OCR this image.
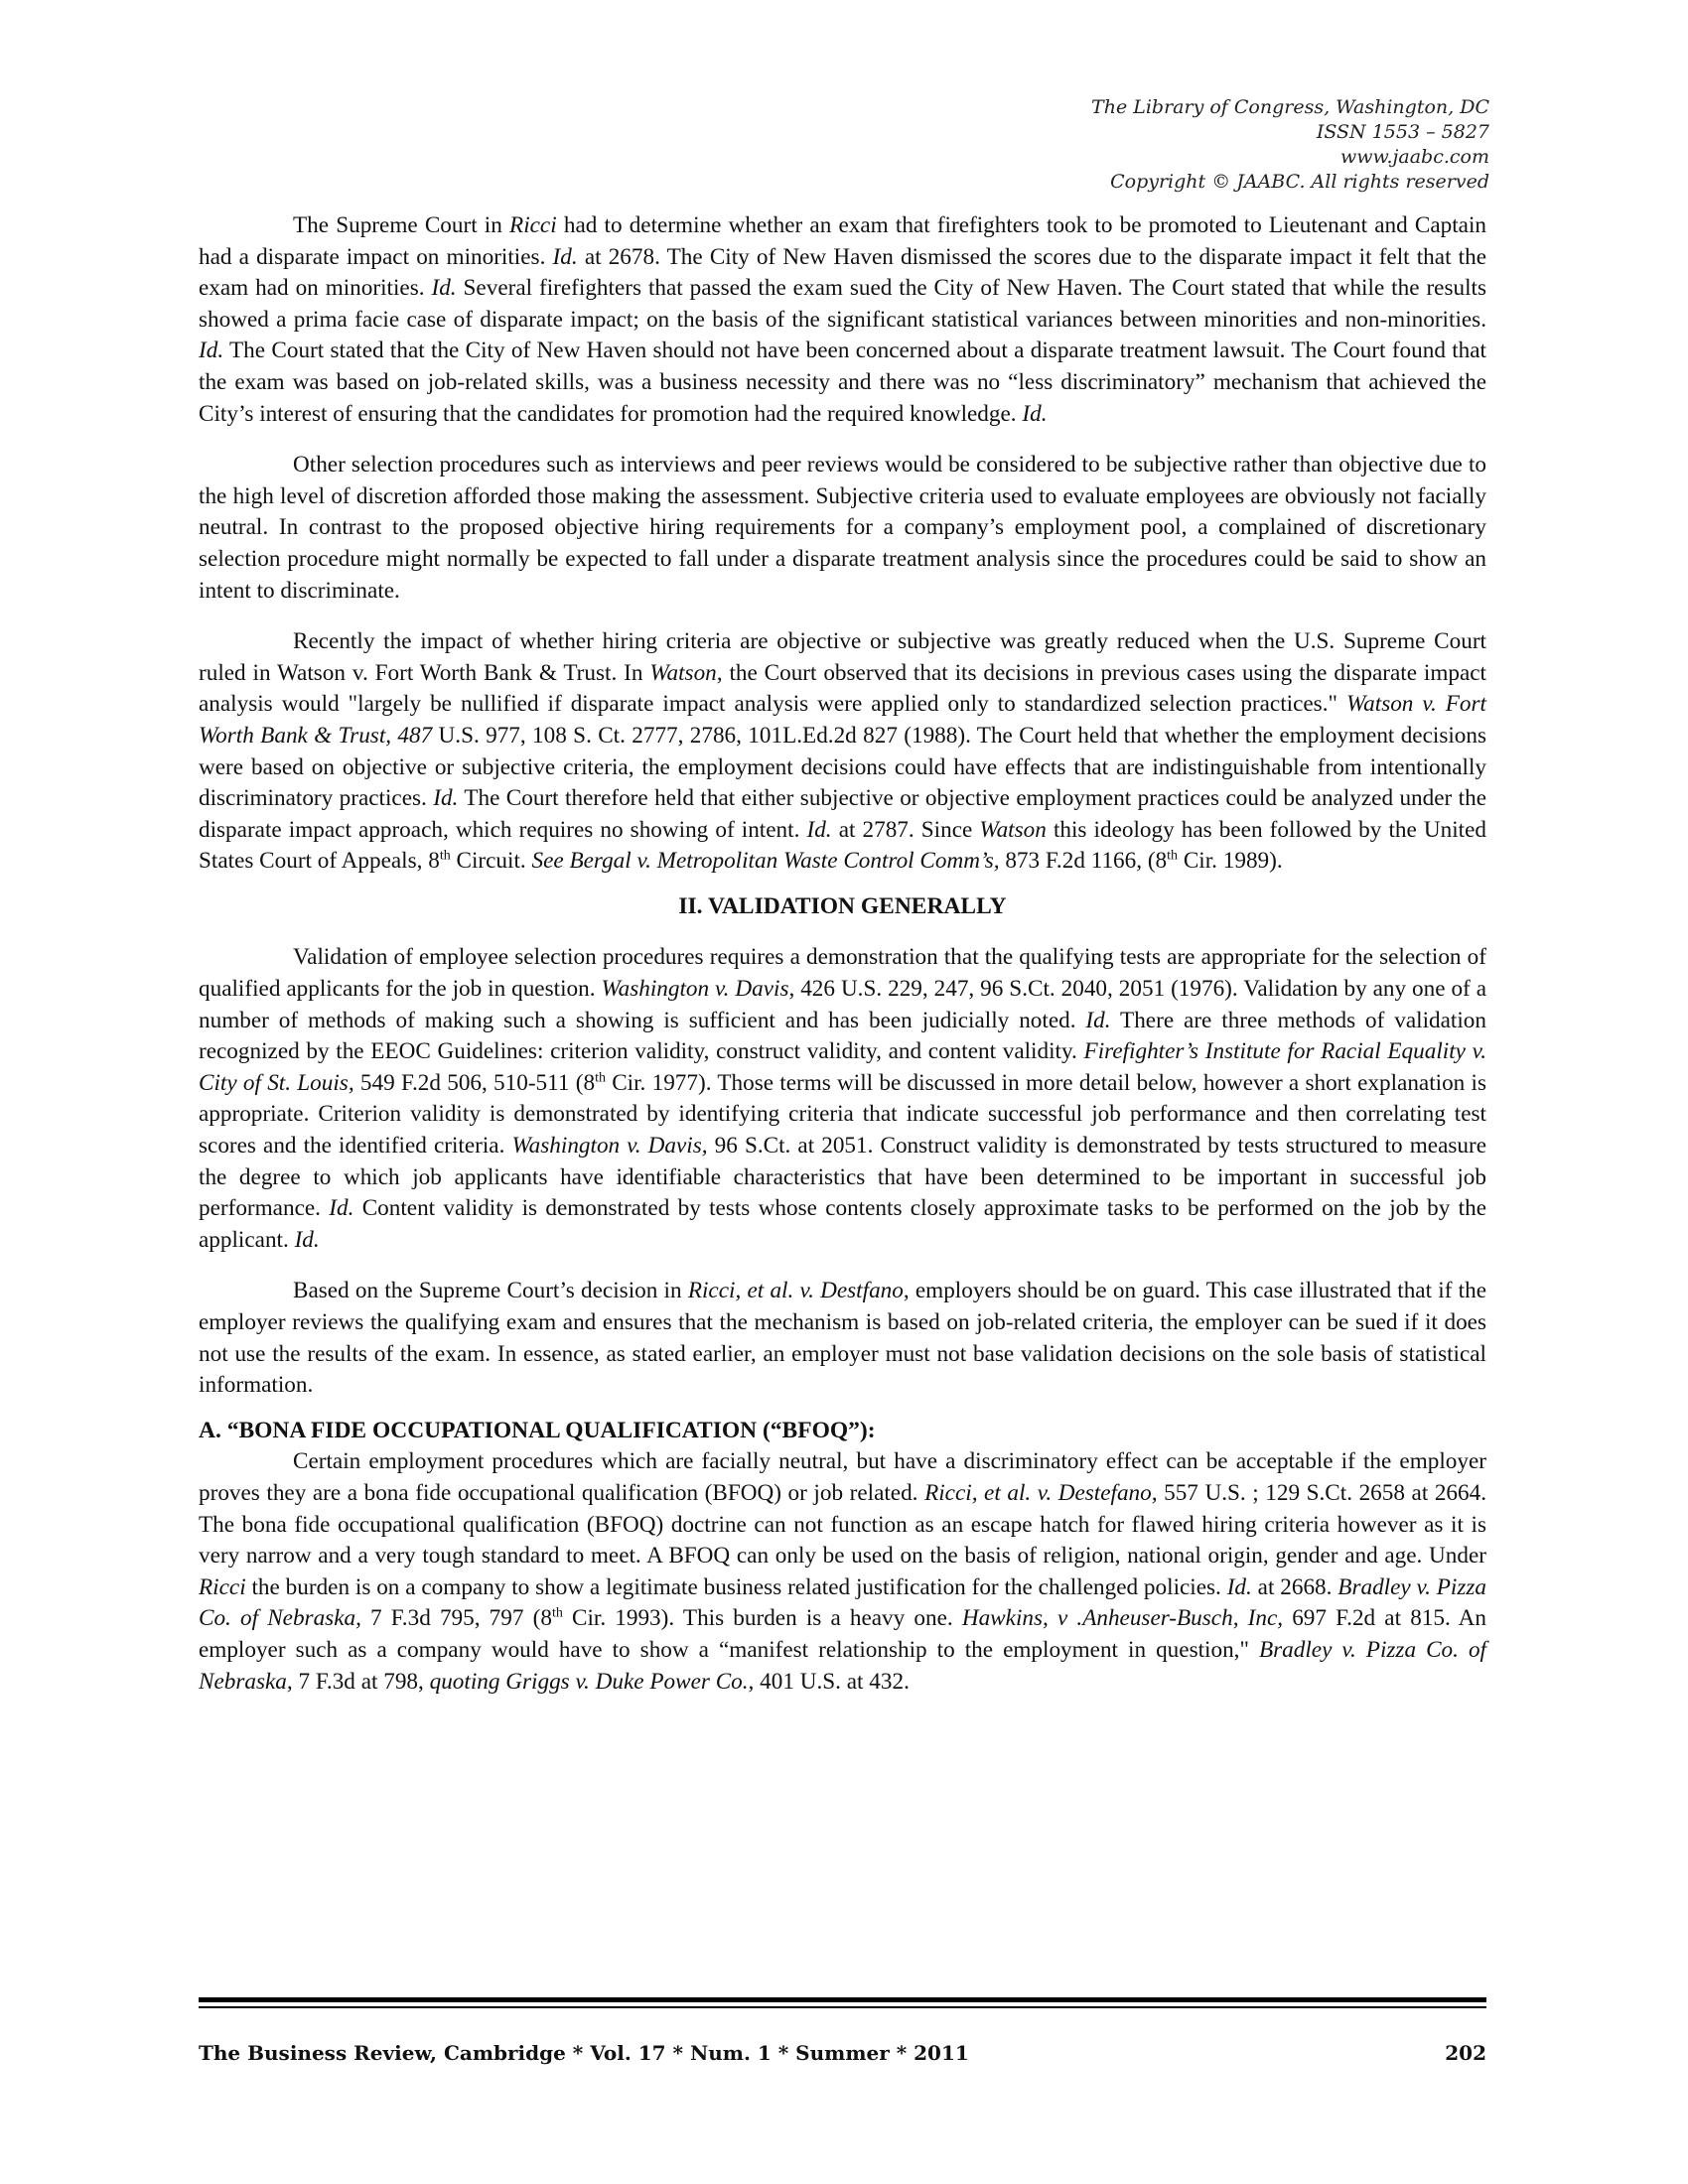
The Library of Congress, Washington, DC
ISSN 1553 – 5827
www.jaabc.com
Copyright © JAABC. All rights reserved

The Supreme Court in Ricci had to determine whether an exam that firefighters took to be promoted to Lieutenant and Captain had a disparate impact on minorities. Id. at 2678. The City of New Haven dismissed the scores due to the disparate impact it felt that the exam had on minorities. Id. Several firefighters that passed the exam sued the City of New Haven. The Court stated that while the results showed a prima facie case of disparate impact; on the basis of the significant statistical variances between minorities and non-minorities. Id. The Court stated that the City of New Haven should not have been concerned about a disparate treatment lawsuit. The Court found that the exam was based on job-related skills, was a business necessity and there was no “less discriminatory” mechanism that achieved the City’s interest of ensuring that the candidates for promotion had the required knowledge. Id.

Other selection procedures such as interviews and peer reviews would be considered to be subjective rather than objective due to the high level of discretion afforded those making the assessment. Subjective criteria used to evaluate employees are obviously not facially neutral. In contrast to the proposed objective hiring requirements for a company’s employment pool, a complained of discretionary selection procedure might normally be expected to fall under a disparate treatment analysis since the procedures could be said to show an intent to discriminate.

Recently the impact of whether hiring criteria are objective or subjective was greatly reduced when the U.S. Supreme Court ruled in Watson v. Fort Worth Bank & Trust. In Watson, the Court observed that its decisions in previous cases using the disparate impact analysis would "largely be nullified if disparate impact analysis were applied only to standardized selection practices." Watson v. Fort Worth Bank & Trust, 487 U.S. 977, 108 S. Ct. 2777, 2786, 101L.Ed.2d 827 (1988). The Court held that whether the employment decisions were based on objective or subjective criteria, the employment decisions could have effects that are indistinguishable from intentionally discriminatory practices. Id. The Court therefore held that either subjective or objective employment practices could be analyzed under the disparate impact approach, which requires no showing of intent. Id. at 2787. Since Watson this ideology has been followed by the United States Court of Appeals, 8th Circuit. See Bergal v. Metropolitan Waste Control Comm’s, 873 F.2d 1166, (8th Cir. 1989).

II. VALIDATION GENERALLY

Validation of employee selection procedures requires a demonstration that the qualifying tests are appropriate for the selection of qualified applicants for the job in question. Washington v. Davis, 426 U.S. 229, 247, 96 S.Ct. 2040, 2051 (1976). Validation by any one of a number of methods of making such a showing is sufficient and has been judicially noted. Id. There are three methods of validation recognized by the EEOC Guidelines: criterion validity, construct validity, and content validity. Firefighter’s Institute for Racial Equality v. City of St. Louis, 549 F.2d 506, 510-511 (8th Cir. 1977). Those terms will be discussed in more detail below, however a short explanation is appropriate. Criterion validity is demonstrated by identifying criteria that indicate successful job performance and then correlating test scores and the identified criteria. Washington v. Davis, 96 S.Ct. at 2051. Construct validity is demonstrated by tests structured to measure the degree to which job applicants have identifiable characteristics that have been determined to be important in successful job performance. Id. Content validity is demonstrated by tests whose contents closely approximate tasks to be performed on the job by the applicant. Id.

Based on the Supreme Court’s decision in Ricci, et al. v. Destfano, employers should be on guard. This case illustrated that if the employer reviews the qualifying exam and ensures that the mechanism is based on job-related criteria, the employer can be sued if it does not use the results of the exam. In essence, as stated earlier, an employer must not base validation decisions on the sole basis of statistical information.

A. “BONA FIDE OCCUPATIONAL QUALIFICATION (“BFOQ”):

Certain employment procedures which are facially neutral, but have a discriminatory effect can be acceptable if the employer proves they are a bona fide occupational qualification (BFOQ) or job related. Ricci, et al. v. Destefano, 557 U.S. ; 129 S.Ct. 2658 at 2664. The bona fide occupational qualification (BFOQ) doctrine can not function as an escape hatch for flawed hiring criteria however as it is very narrow and a very tough standard to meet. A BFOQ can only be used on the basis of religion, national origin, gender and age. Under Ricci the burden is on a company to show a legitimate business related justification for the challenged policies. Id. at 2668. Bradley v. Pizza Co. of Nebraska, 7 F.3d 795, 797 (8th Cir. 1993). This burden is a heavy one. Hawkins, v .Anheuser-Busch, Inc, 697 F.2d at 815. An employer such as a company would have to show a “manifest relationship to the employment in question," Bradley v. Pizza Co. of Nebraska, 7 F.3d at 798, quoting Griggs v. Duke Power Co., 401 U.S. at 432.

The Business Review, Cambridge * Vol. 17 * Num. 1 * Summer * 2011	202
